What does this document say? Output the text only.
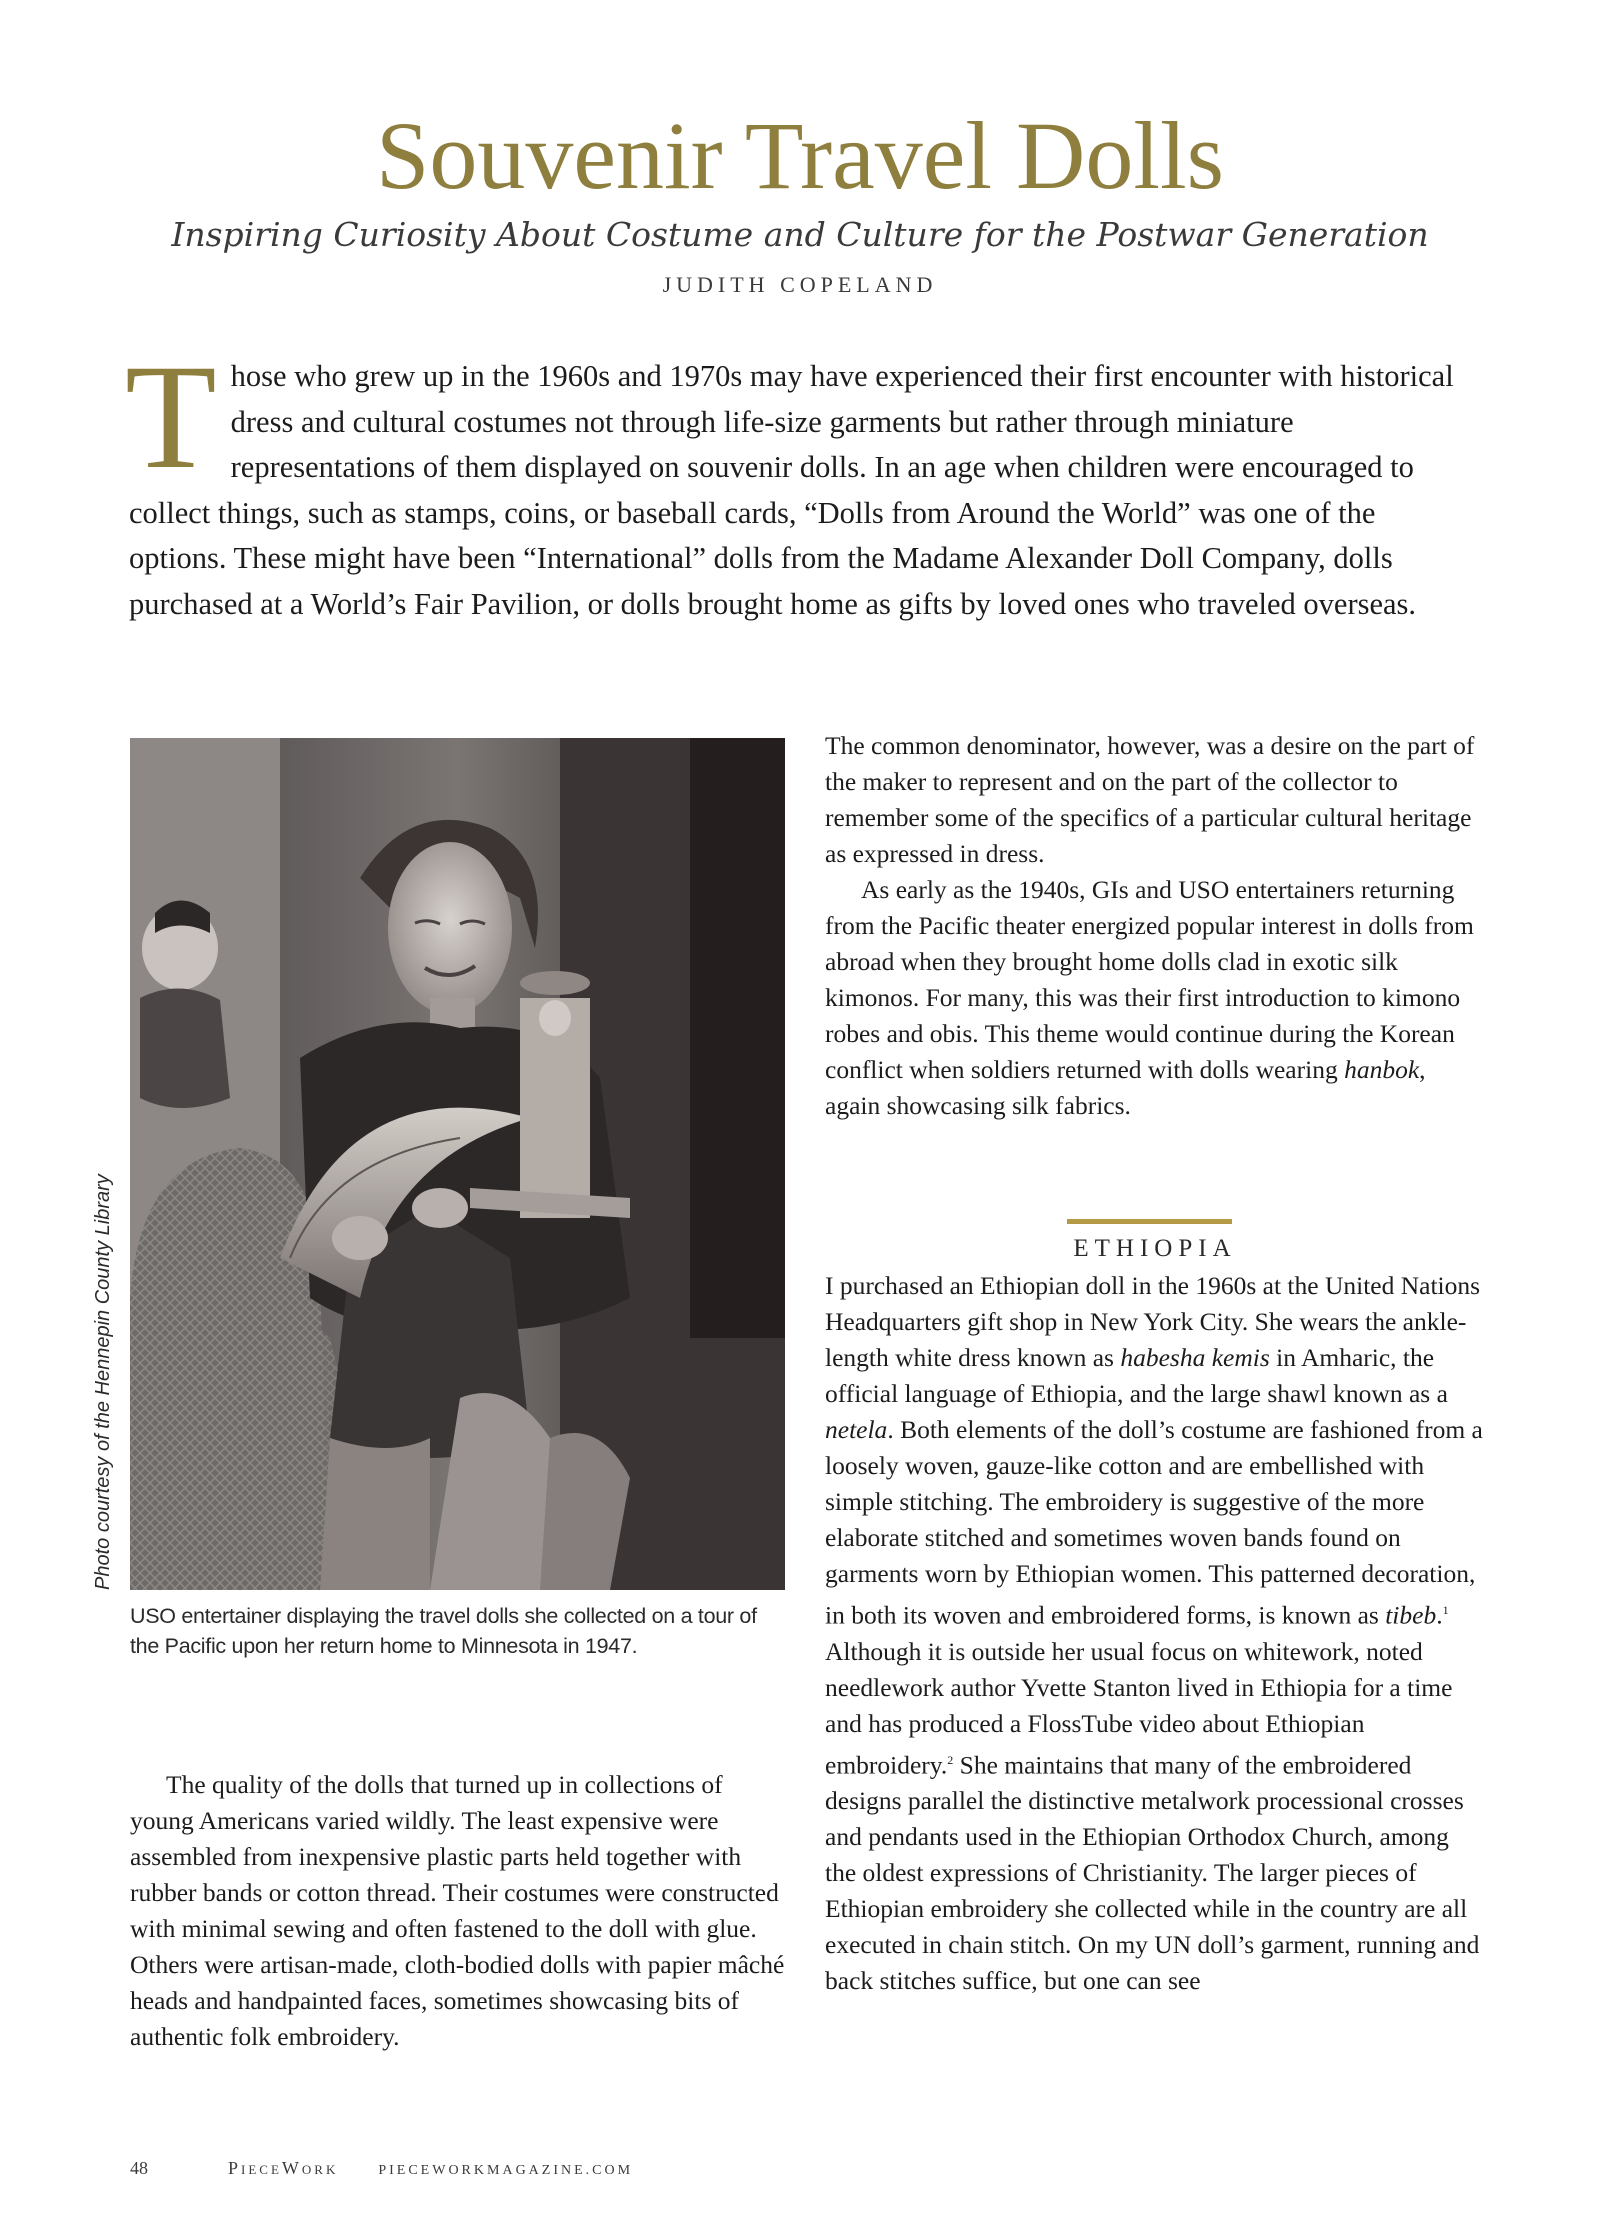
Souvenir Travel Dolls
Inspiring Curiosity About Costume and Culture for the Postwar Generation
JUDITH COPELAND
Those who grew up in the 1960s and 1970s may have experienced their first encounter with historical dress and cultural costumes not through life-size garments but rather through miniature representations of them displayed on souvenir dolls. In an age when children were encouraged to collect things, such as stamps, coins, or baseball cards, “Dolls from Around the World” was one of the options. These might have been “International” dolls from the Madame Alexander Doll Company, dolls purchased at a World’s Fair Pavilion, or dolls brought home as gifts by loved ones who traveled overseas.
Photo courtesy of the Hennepin County Library
USO entertainer displaying the travel dolls she collected on a tour of the Pacific upon her return home to Minnesota in 1947.

The common denominator, however, was a desire on the part of the maker to represent and on the part of the collector to remember some of the specifics of a particular cultural heritage as expressed in dress.

As early as the 1940s, GIs and USO entertainers returning from the Pacific theater energized popular interest in dolls from abroad when they brought home dolls clad in exotic silk kimonos. For many, this was their first introduction to kimono robes and obis. This theme would continue during the Korean conflict when soldiers returned with dolls wearing hanbok, again showcasing silk fabrics.

ETHIOPIA

I purchased an Ethiopian doll in the 1960s at the United Nations Headquarters gift shop in New York City. She wears the ankle-length white dress known as habesha kemis in Amharic, the official language of Ethiopia, and the large shawl known as a netela. Both elements of the doll’s costume are fashioned from a loosely woven, gauze-like cotton and are embellished with simple stitching. The embroidery is suggestive of the more elaborate stitched and sometimes woven bands found on garments worn by Ethiopian women. This patterned decoration, in both its woven and embroidered forms, is known as tibeb.$^1$ Although it is outside her usual focus on whitework, noted needlework author Yvette Stanton lived in Ethiopia for a time and has produced a FlossTube video about Ethiopian embroidery.$^2$ She maintains that many of the embroidered designs parallel the distinctive metalwork processional crosses and pendants used in the Ethiopian Orthodox Church, among the oldest expressions of Christianity. The larger pieces of Ethiopian embroidery she collected while in the country are all executed in chain stitch. On my UN doll’s garment, running and back stitches suffice, but one can see

The quality of the dolls that turned up in collections of young Americans varied wildly. The least expensive were assembled from inexpensive plastic parts held together with rubber bands or cotton thread. Their costumes were constructed with minimal sewing and often fastened to the doll with glue. Others were artisan-made, cloth-bodied dolls with papier mâché heads and handpainted faces, sometimes showcasing bits of authentic folk embroidery.

48	PieceWork	PIECEWORKMAGAZINE.COM
